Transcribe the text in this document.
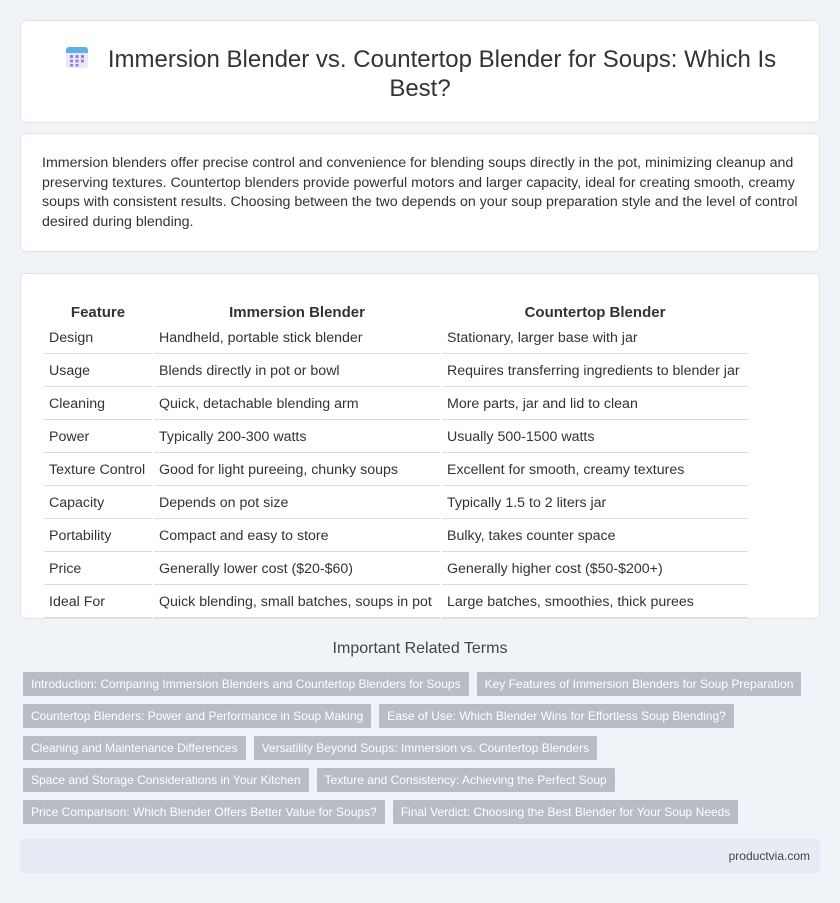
Immersion Blender vs. Countertop Blender for Soups: Which Is Best?

Immersion blenders offer precise control and convenience for blending soups directly in the pot, minimizing cleanup and preserving textures. Countertop blenders provide powerful motors and larger capacity, ideal for creating smooth, creamy soups with consistent results. Choosing between the two depends on your soup preparation style and the level of control desired during blending.

Feature	Immersion Blender	Countertop Blender
Design	Handheld, portable stick blender	Stationary, larger base with jar
Usage	Blends directly in pot or bowl	Requires transferring ingredients to blender jar
Cleaning	Quick, detachable blending arm	More parts, jar and lid to clean
Power	Typically 200-300 watts	Usually 500-1500 watts
Texture Control	Good for light pureeing, chunky soups	Excellent for smooth, creamy textures
Capacity	Depends on pot size	Typically 1.5 to 2 liters jar
Portability	Compact and easy to store	Bulky, takes counter space
Price	Generally lower cost ($20-$60)	Generally higher cost ($50-$200+)
Ideal For	Quick blending, small batches, soups in pot	Large batches, smoothies, thick purees
Important Related Terms
Introduction: Comparing Immersion Blenders and Countertop Blenders for Soups	Key Features of Immersion Blenders for Soup Preparation
Countertop Blenders: Power and Performance in Soup Making	Ease of Use: Which Blender Wins for Effortless Soup Blending?
Cleaning and Maintenance Differences	Versatility Beyond Soups: Immersion vs. Countertop Blenders
Space and Storage Considerations in Your Kitchen	Texture and Consistency: Achieving the Perfect Soup
Price Comparison: Which Blender Offers Better Value for Soups?	Final Verdict: Choosing the Best Blender for Your Soup Needs
productvia.com
